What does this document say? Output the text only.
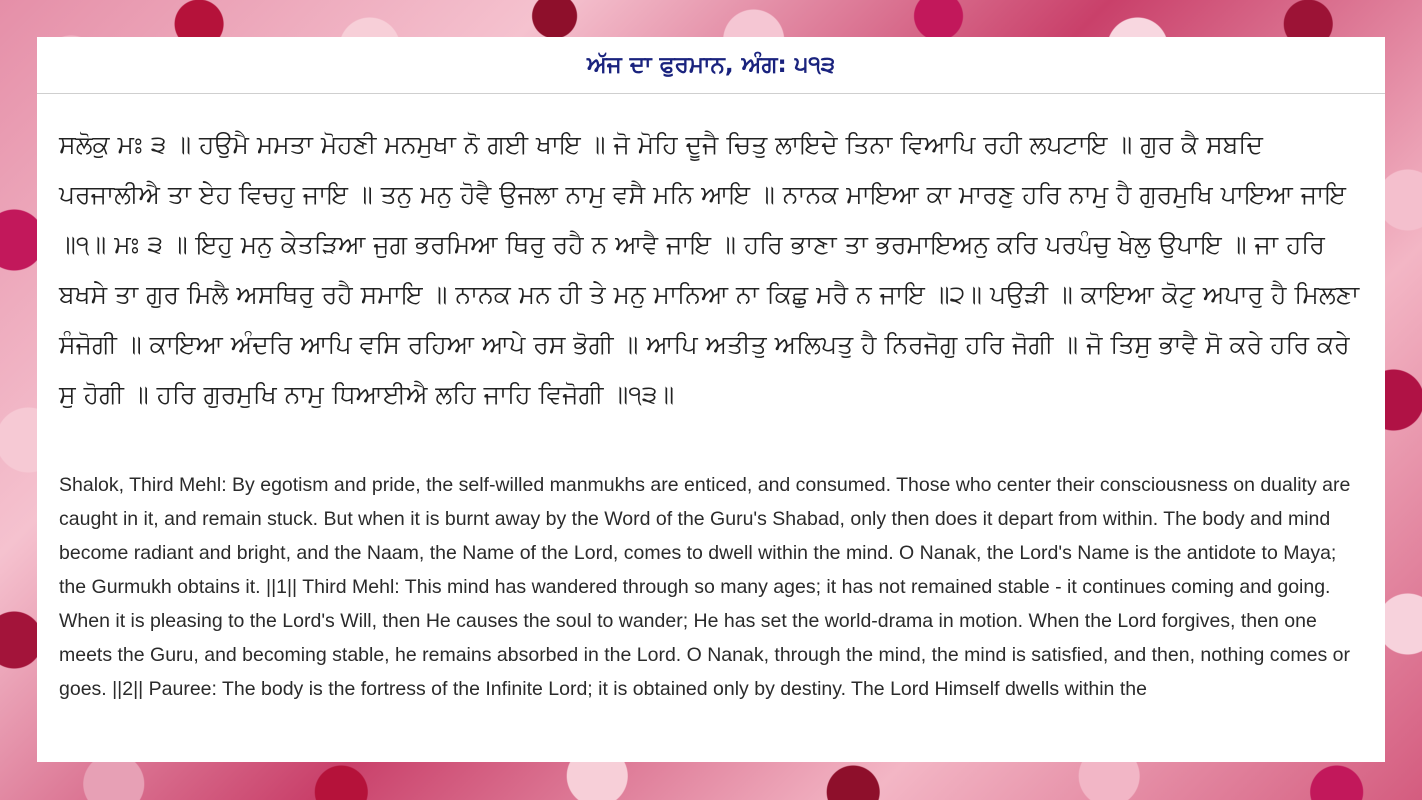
ਅੱਜ ਦਾ ਫੁਰਮਾਨ, ਅੰਗ: ੫੧੩

ਸਲੋਕੁ ਮਃ ੩ ॥ ਹਉਮੈ ਮਮਤਾ ਮੋਹਣੀ ਮਨਮੁਖਾ ਨੋ ਗਈ ਖਾਇ ॥ ਜੋ ਮੋਹਿ ਦੂਜੈ ਚਿਤੁ ਲਾਇਦੇ ਤਿਨਾ ਵਿਆਪਿ ਰਹੀ ਲਪਟਾਇ ॥ ਗੁਰ ਕੈ ਸਬਦਿ ਪਰਜਾਲੀਐ ਤਾ ਏਹ ਵਿਚਹੁ ਜਾਇ ॥ ਤਨੁ ਮਨੁ ਹੋਵੈ ਉਜਲਾ ਨਾਮੁ ਵਸੈ ਮਨਿ ਆਇ ॥ ਨਾਨਕ ਮਾਇਆ ਕਾ ਮਾਰਣੁ ਹਰਿ ਨਾਮੁ ਹੈ ਗੁਰਮੁਖਿ ਪਾਇਆ ਜਾਇ ॥੧॥ ਮਃ ੩ ॥ ਇਹੁ ਮਨੁ ਕੇਤੜਿਆ ਜੁਗ ਭਰਮਿਆ ਥਿਰੁ ਰਹੈ ਨ ਆਵੈ ਜਾਇ ॥ ਹਰਿ ਭਾਣਾ ਤਾ ਭਰਮਾਇਅਨੁ ਕਰਿ ਪਰਪੰਚੁ ਖੇਲੁ ਉਪਾਇ ॥ ਜਾ ਹਰਿ ਬਖਸੇ ਤਾ ਗੁਰ ਮਿਲੈ ਅਸਥਿਰੁ ਰਹੈ ਸਮਾਇ ॥ ਨਾਨਕ ਮਨ ਹੀ ਤੇ ਮਨੁ ਮਾਨਿਆ ਨਾ ਕਿਛੁ ਮਰੈ ਨ ਜਾਇ ॥੨॥ ਪਉੜੀ ॥ ਕਾਇਆ ਕੋਟੁ ਅਪਾਰੁ ਹੈ ਮਿਲਣਾ ਸੰਜੋਗੀ ॥ ਕਾਇਆ ਅੰਦਰਿ ਆਪਿ ਵਸਿ ਰਹਿਆ ਆਪੇ ਰਸ ਭੋਗੀ ॥ ਆਪਿ ਅਤੀਤੁ ਅਲਿਪਤੁ ਹੈ ਨਿਰਜੋਗੁ ਹਰਿ ਜੋਗੀ ॥ ਜੋ ਤਿਸੁ ਭਾਵੈ ਸੋ ਕਰੇ ਹਰਿ ਕਰੇ ਸੁ ਹੋਗੀ ॥ ਹਰਿ ਗੁਰਮੁਖਿ ਨਾਮੁ ਧਿਆਈਐ ਲਹਿ ਜਾਹਿ ਵਿਜੋਗੀ ॥੧੩॥

Shalok, Third Mehl: By egotism and pride, the self-willed manmukhs are enticed, and consumed. Those who center their consciousness on duality are caught in it, and remain stuck. But when it is burnt away by the Word of the Guru's Shabad, only then does it depart from within. The body and mind become radiant and bright, and the Naam, the Name of the Lord, comes to dwell within the mind. O Nanak, the Lord's Name is the antidote to Maya; the Gurmukh obtains it. ||1|| Third Mehl: This mind has wandered through so many ages; it has not remained stable - it continues coming and going. When it is pleasing to the Lord's Will, then He causes the soul to wander; He has set the world-drama in motion. When the Lord forgives, then one meets the Guru, and becoming stable, he remains absorbed in the Lord. O Nanak, through the mind, the mind is satisfied, and then, nothing comes or goes. ||2|| Pauree: The body is the fortress of the Infinite Lord; it is obtained only by destiny. The Lord Himself dwells within the
